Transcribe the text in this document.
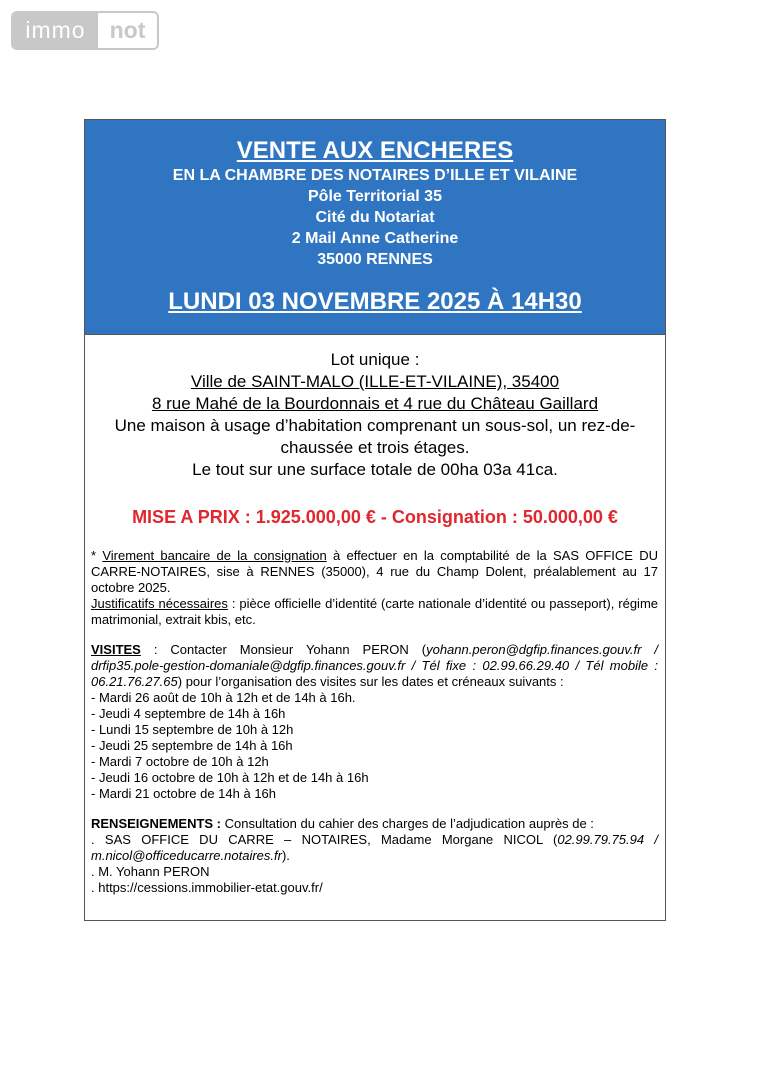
immo	not
VENTE AUX ENCHERES
EN LA CHAMBRE DES NOTAIRES D’ILLE ET VILAINE
Pôle Territorial 35
Cité du Notariat
2 Mail Anne Catherine
35000 RENNES
LUNDI 03 NOVEMBRE 2025 À 14H30
Lot unique :
Ville de SAINT-MALO (ILLE-ET-VILAINE), 35400
8 rue Mahé de la Bourdonnais et 4 rue du Château Gaillard
Une maison à usage d’habitation comprenant un sous-sol, un rez-de-chaussée et trois étages.
Le tout sur une surface totale de 00ha 03a 41ca.
MISE A PRIX : 1.925.000,00 € - Consignation : 50.000,00 €
* Virement bancaire de la consignation à effectuer en la comptabilité de la SAS OFFICE DU CARRE-NOTAIRES, sise à RENNES (35000), 4 rue du Champ Dolent, préalablement au 17 octobre 2025.
Justificatifs nécessaires : pièce officielle d’identité (carte nationale d’identité ou passeport), régime matrimonial, extrait kbis, etc.
VISITES : Contacter Monsieur Yohann PERON (yohann.peron@dgfip.finances.gouv.fr / drfip35.pole-gestion-domaniale@dgfip.finances.gouv.fr / Tél fixe : 02.99.66.29.40 / Tél mobile : 06.21.76.27.65) pour l’organisation des visites sur les dates et créneaux suivants :
- Mardi 26 août de 10h à 12h et de 14h à 16h.
- Jeudi 4 septembre de 14h à 16h
- Lundi 15 septembre de 10h à 12h
- Jeudi 25 septembre de 14h à 16h
- Mardi 7 octobre de 10h à 12h
- Jeudi 16 octobre de 10h à 12h et de 14h à 16h
- Mardi 21 octobre de 14h à 16h
RENSEIGNEMENTS : Consultation du cahier des charges de l’adjudication auprès de :
. SAS OFFICE DU CARRE – NOTAIRES, Madame Morgane NICOL (02.99.79.75.94 / m.nicol@officeducarre.notaires.fr).
. M. Yohann PERON
. https://cessions.immobilier-etat.gouv.fr/
